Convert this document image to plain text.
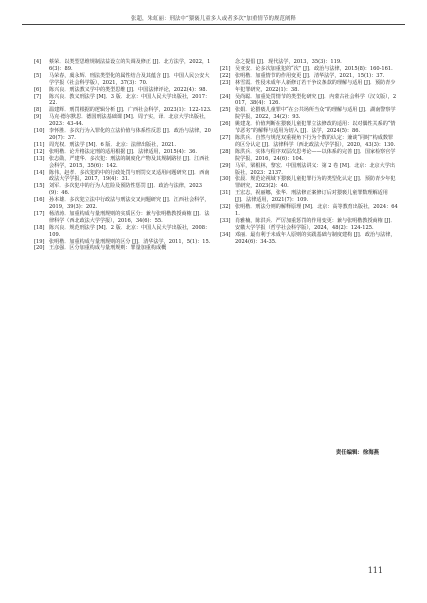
张超，朱虹丽：刑法中“猥亵儿童多人或者多次”加重情节的规范阐释
[4]	蔡荣．以类型思维规制法益设立的失调及修正 [J]．北方法学，2022，16(3)：89.
[5]	马荣春，虞永辉．刑法类型化的属性结合及其蕴含 [J]．中国人民公安大学学报（社会科学版），2021，37(3)：70.
[6]	陈兴良．刑法教义学中的类型思维 [J]．中国法律评论，2022(4)：98.
[7]	陈兴良．教义刑法学 [M]．3 版．北京：中国人民大学出版社，2017：22.
[8]	温建辉．刑罚根据的逻辑分析 [J]．广西社会科学，2023(1)：122-123.
[9]	马克·德尔默思．德国刑法基础课 [M]．周子实，译．北京大学出版社，2023：43-44.
[10] 李怀胜．多次行为入罪化的立法价值与体系性反思 [J]．政治与法律，2020(7)：37.
[11] 周光权．刑法学 [M]．6 版．北京：法律出版社，2021.
[12] 张明楷．论升格法定刑的适用根据 [J]．法律适用，2015(4)：36.
[13] 张志勋，严建华．多次犯：刑法的制度化产物及其规制路径 [J]．江西社会科学，2015，35(6)：142.
[14] 陈伟，赵孝．多次犯的中的行政处罚与刑罚交叉适用问题研究 [J]．西南政法大学学报，2017，19(4)：31.
[15] 刘军．多次犯中的行为人危险及预防性惩罚 [J]．政治与法律，2023(9)：46.
[16] 孙本雄．多次犯立法中行政法与刑法交叉问题研究 [J]．江西社会科学，2019，39(3)：202.
[17] 杨清涛．加重构成与量刑规则的实质区分：兼与张明楷教授商榷 [J]．法律科学（西北政法大学学报），2016，34(6)：55.
[18] 陈兴良．规范刑法学 [M]．2 版．北京：中国人民大学出版社，2008：109.
[19] 张明楷．加重构成与量刑规则的区分 [J]．清华法学，2011，5(1)：15.
[20] 王彦强．区分加重构成与量刑规则：罪量加重构成概
念之提倡 [J]．现代法学，2013，35(3)：119.
[21] 吴亚安．论多次加重犯的“次” [J]．政治与法律，2015(8)：160-161.
[22] 张明楷．加重情节的作用变更 [J]．清华法学，2021，15(1)：37.
[23] 林雪霞．性侵未成年人新修订若干争议条款的理解与适用 [J]．预防青少年犯罪研究，2022(1)：38.
[24] 吴尚聪．加重处罚情节的类型化研究 [J]．内蒙古社会科学（汉文版），2017，38(4)：126.
[25] 张娟．论猥亵儿童罪中“在公共场所当众”的理解与适用 [J]．湖南警察学院学报，2022，34(2)：93.
[26] 姚建龙．价值判断在猥亵儿童犯罪立法修改的适用：以对偶性关系的“情节恶劣”的解释与适用为切入 [J]．法学，2024(5)：86.
[27] 陈洪兵．自然与规范双重视角下行为个数的认定：兼谈“同时”构成数罪的区分认定 [J]．法律科学（西北政法大学学报），2020，43(3)：130.
[28] 陈洪兵．实体与程序双层次思考论——以体系的完善 [J]．国家检察官学院学报，2016，24(6)：104.
[29] 马军，梁根林，黎宏．中国刑法讲义：第 2 卷 [M]．北京：北京大学出版社，2023：2137.
[30] 张晨．规范论视域下猥亵儿童犯罪行为的类型化认定 [J]．预防青少年犯罪研究，2023(2)：40.
[31] 王宏志，祝丽娜，张华．刑法修正案修订后对猥亵儿童罪数理解适用 [J]．法律适用，2021(7)：109.
[32] 张明楷．刑法分则的解释原理 [M]．北京：高等教育出版社，2024：641.
[33] 肖雅楠，陈洪兵．严厉加重惩罚的作用变更：兼与张明楷教授商榷 [J]．安徽大学学报（哲学社会科学版），2024，48(2)：124-125.
[34] 邓丽．最有利于未成年人原则的实践基础与制度建构 [J]．政治与法律，2024(6)：34-35.
责任编辑：徐海燕
111
